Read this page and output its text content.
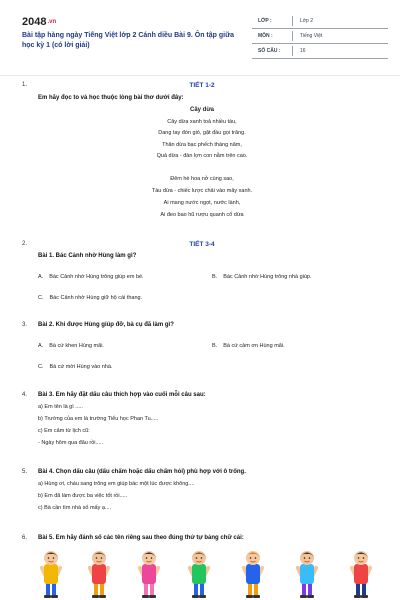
2048.vn
Bài tập hàng ngày Tiếng Việt lớp 2 Cánh diều Bài 9. Ôn tập giữa học kỳ 1 (có lời giải)
LỚP :	Lớp 2
MÔN :	Tiếng Việt
SỐ CÂU :	16
1.	TIẾT 1-2
Em hãy đọc to và học thuộc lòng bài thơ dưới đây:
Cây dừa
Cây dừa xanh toả nhiều tàu,
Dang tay đón gió, gật đầu gọi trăng.
Thân dừa bạc phếch tháng năm,
Quả dừa - đàn lợn con nằm trên cao.
Đêm hè hoa nở cùng sao,
Tàu dừa - chiếc lược chải vào mây xanh.
Ai mang nước ngọt, nước lành,
Ai đeo bao hũ rượu quanh cổ dừa
2.	TIẾT 3-4
Bài 1. Bác Cảnh nhờ Hùng làm gì?
A. Bác Cảnh nhờ Hùng trông giúp em bé.	B. Bác Cảnh nhờ Hùng trông nhà giúp.
C. Bác Cảnh nhờ Hùng giữ hộ cái thang.
3. Bài 2. Khi được Hùng giúp đỡ, bà cụ đã làm gì?
A. Bà cứ khen Hùng mãi.	B. Bà cứ cảm ơn Hùng mãi.
C. Bà cứ mời Hùng vào nhà.
4. Bài 3. Em hãy đặt dấu câu thích hợp vào cuối mỗi câu sau:
a) Em tên là gì .....
b) Trường của em là trường Tiểu học Phan Tu.....
c) Em cảm từ lịch cũ:
- Ngày hôm qua đâu rồi.....
5. Bài 4. Chọn dấu câu (dấu chấm hoặc dấu chấm hỏi) phù hợp với ô trống.
a) Hùng ơi, cháu sang trông em giúp bác một lúc được không....
b) Em đã làm được ba việc tốt rồi.....
c) Bà cần tìm nhà số mấy ạ....
6. Bài 5. Em hãy đánh số các tên riêng sau theo đúng thứ tự bảng chữ cái:
